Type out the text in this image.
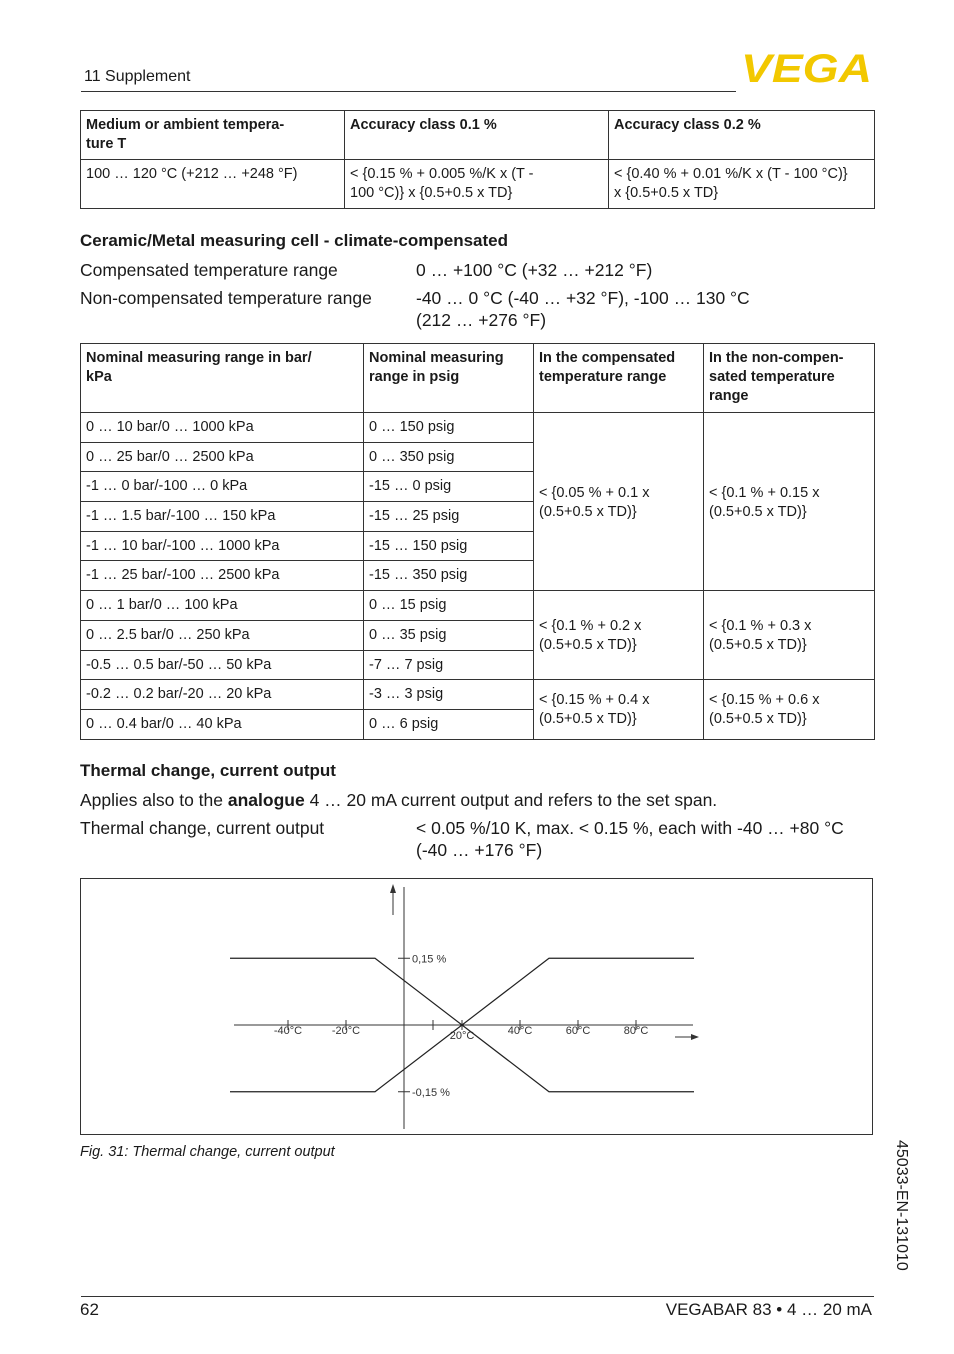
11 Supplement	VEGA
Medium or ambient tempera-
ture T	Accuracy class 0.1 %	Accuracy class 0.2 %
100 … 120 °C (+212 … +248 °F)	< {0.15 % + 0.005 %/K x (T -
100 °C)} x {0.5+0.5 x TD}	< {0.40 % + 0.01 %/K x (T - 100 °C)}
x {0.5+0.5 x TD}
Ceramic/Metal measuring cell - climate-compensated
Compensated temperature range	0 … +100 °C (+32 … +212 °F)
Non-compensated temperature range	-40 … 0 °C (-40 … +32 °F), -100 … 130 °C
(212 … +276 °F)
Nominal measuring range in bar/
kPa	Nominal measuring
range in psig	In the compensated
temperature range	In the non-compen-
sated temperature
range
0 … 10 bar/0 … 1000 kPa	0 … 150 psig	< {0.05 % + 0.1 x
(0.5+0.5 x TD)}	< {0.1 % + 0.15 x
(0.5+0.5 x TD)}
0 … 25 bar/0 … 2500 kPa	0 … 350 psig		
-1 … 0 bar/-100 … 0 kPa	-15 … 0 psig		
-1 … 1.5 bar/-100 … 150 kPa	-15 … 25 psig		
-1 … 10 bar/-100 … 1000 kPa	-15 … 150 psig		
-1 … 25 bar/-100 … 2500 kPa	-15 … 350 psig		
0 … 1 bar/0 … 100 kPa	0 … 15 psig	< {0.1 % + 0.2 x
(0.5+0.5 x TD)}	< {0.1 % + 0.3 x
(0.5+0.5 x TD)}
0 … 2.5 bar/0 … 250 kPa	0 … 35 psig		
-0.5 … 0.5 bar/-50 … 50 kPa	-7 … 7 psig		
-0.2 … 0.2 bar/-20 … 20 kPa	-3 … 3 psig	< {0.15 % + 0.4 x
(0.5+0.5 x TD)}	< {0.15 % + 0.6 x
(0.5+0.5 x TD)}
0 … 0.4 bar/0 … 40 kPa	0 … 6 psig		
Thermal change, current output
Applies also to the analogue 4 … 20 mA current output and refers to the set span.
Thermal change, current output	< 0.05 %/10 K, max. < 0.15 %, each with -40 … +80 °C
(-40 … +176 °F)
-40°C	-20°C	20°C	40°C	60°C	80°C
0,15 %
-0,15 %
Fig. 31: Thermal change, current output
62	VEGABAR 83 • 4 … 20 mA
45033-EN-131010
